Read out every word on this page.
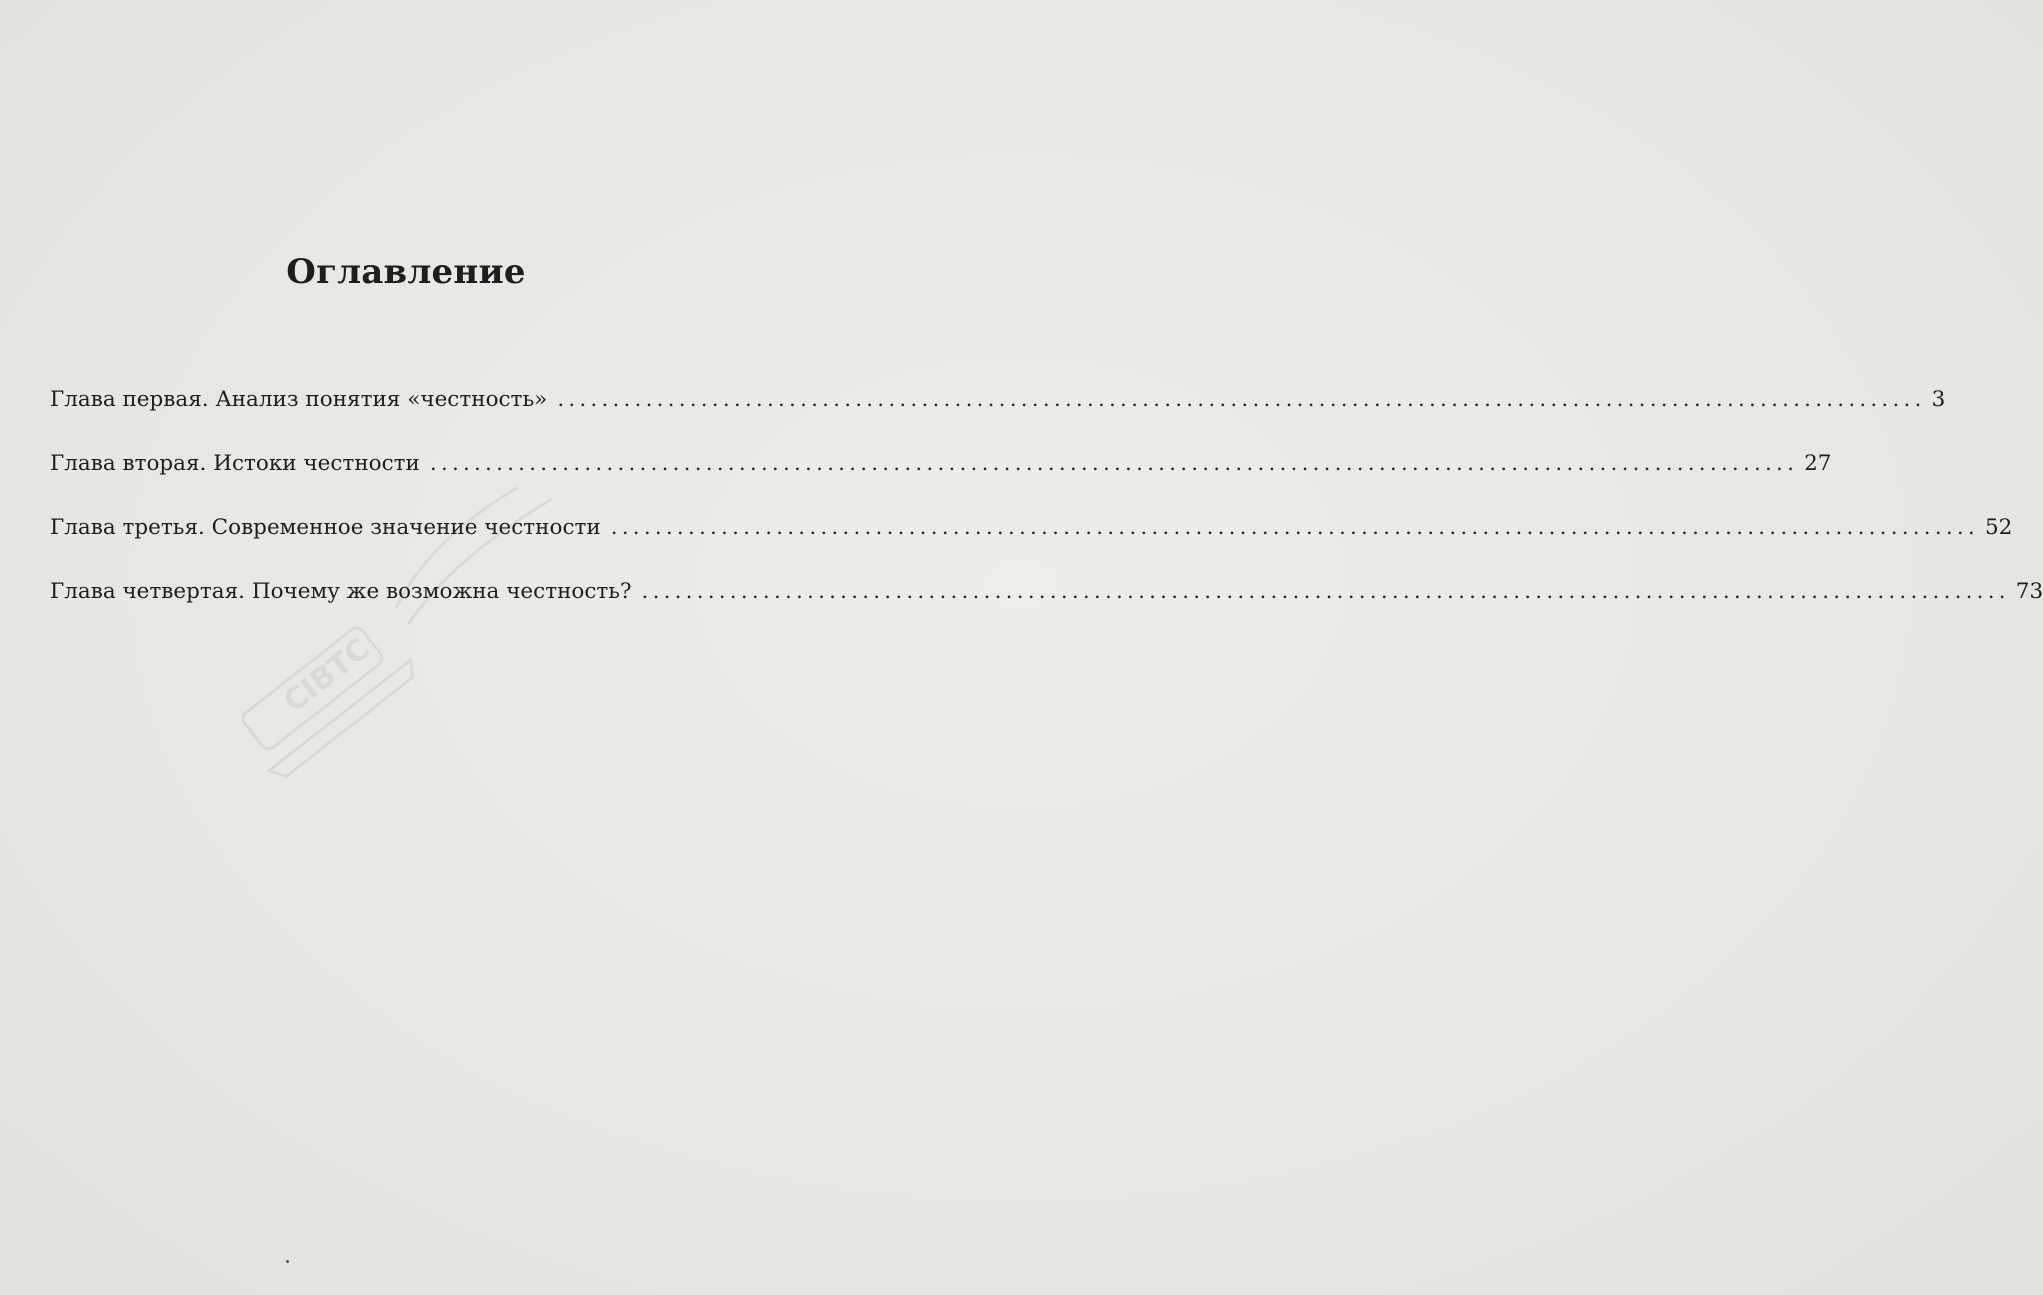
Оглавление
Глава первая. Анализ понятия «честность» ............................................................................................................................ 3
Глава вторая. Истоки честности ............................................................................................................................ 27
Глава третья. Современное значение честности ............................................................................................................................ 52
Глава четвертая. Почему же возможна честность? ............................................................................................................................ 73
CIBTC
